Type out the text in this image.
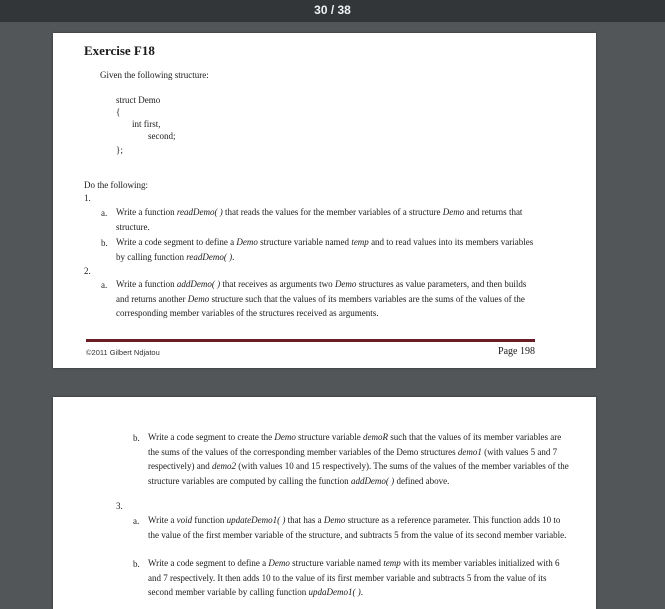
30 / 38
Exercise F18
Given the following structure:
struct Demo
{
int first,
second;
};
Do the following:
1.
a. Write a function readDemo( ) that reads the values for the member variables of a structure Demo and returns that structure.
b. Write a code segment to define a Demo structure variable named temp and to read values into its members variables by calling function readDemo( ).
2.
a. Write a function addDemo( ) that receives as arguments two Demo structures as value parameters, and then builds and returns another Demo structure such that the values of its members variables are the sums of the values of the corresponding member variables of the structures received as arguments.
©2011 Gilbert Ndjatou	Page 198
b. Write a code segment to create the Demo structure variable demoR such that the values of its member variables are the sums of the values of the corresponding member variables of the Demo structures demo1 (with values 5 and 7 respectively) and demo2 (with values 10 and 15 respectively). The sums of the values of the member variables of the structure variables are computed by calling the function addDemo( ) defined above.
3.
a. Write a void function updateDemo1( ) that has a Demo structure as a reference parameter. This function adds 10 to the value of the first member variable of the structure, and subtracts 5 from the value of its second member variable.
b. Write a code segment to define a Demo structure variable named temp with its member variables initialized with 6 and 7 respectively. It then adds 10 to the value of its first member variable and subtracts 5 from the value of its second member variable by calling function updaDemo1( ).
